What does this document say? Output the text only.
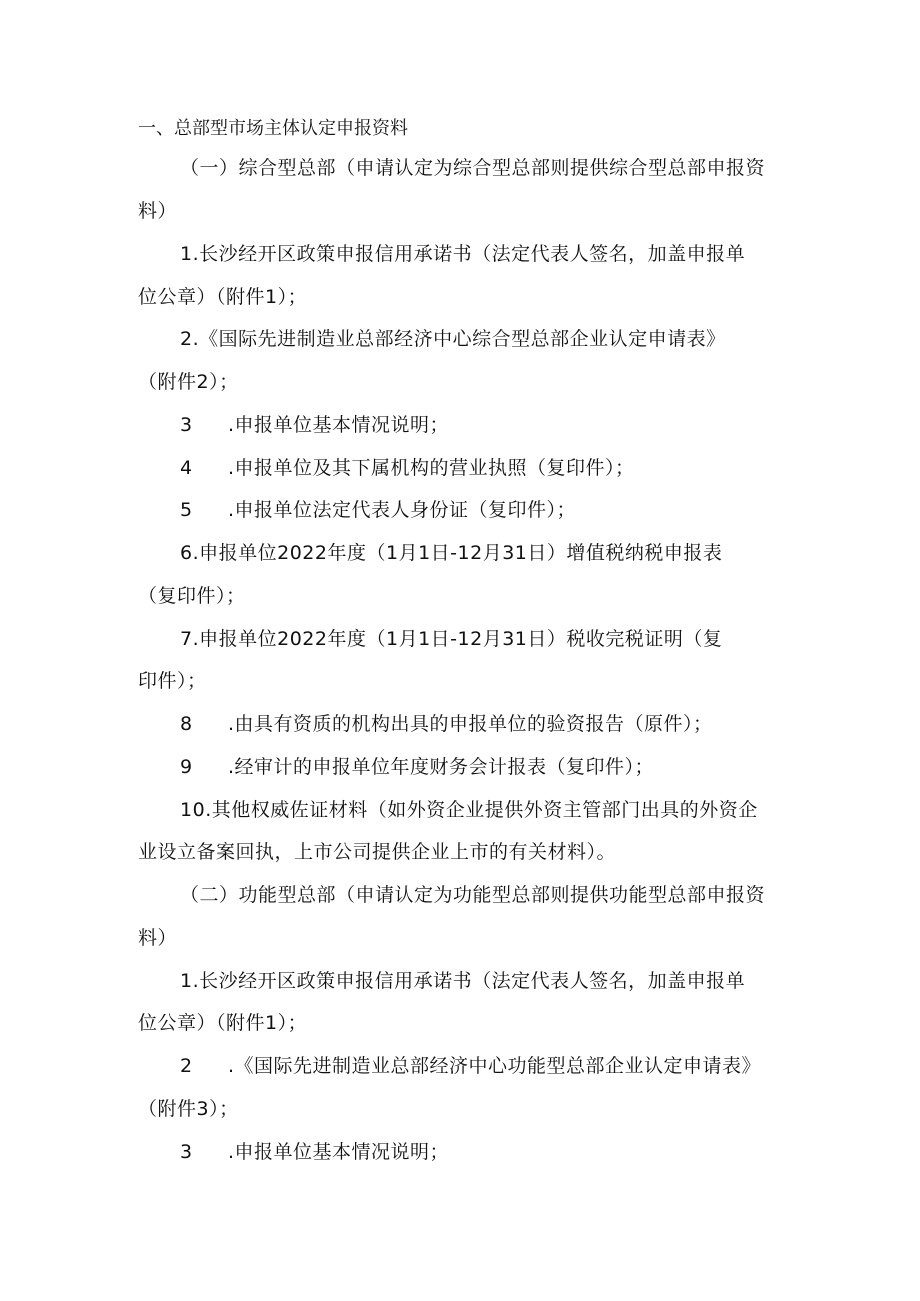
一、总部型市场主体认定申报资料
（一）综合型总部（申请认定为综合型总部则提供综合型总部申报资
料）
1.长沙经开区政策申报信用承诺书（法定代表人签名，加盖申报单
位公章）（附件1）；
2.《国际先进制造业总部经济中心综合型总部企业认定申请表》
（附件2）；
3 .申报单位基本情况说明；
4 .申报单位及其下属机构的营业执照（复印件）；
5 .申报单位法定代表人身份证（复印件）；
6.申报单位2022年度（1月1日-12月31日）增值税纳税申报表
（复印件）；
7.申报单位2022年度（1月1日-12月31日）税收完税证明（复
印件）；
8 .由具有资质的机构出具的申报单位的验资报告（原件）；
9 .经审计的申报单位年度财务会计报表（复印件）；
10.其他权威佐证材料（如外资企业提供外资主管部门出具的外资企
业设立备案回执，上市公司提供企业上市的有关材料）。
（二）功能型总部（申请认定为功能型总部则提供功能型总部申报资
料）
1.长沙经开区政策申报信用承诺书（法定代表人签名，加盖申报单
位公章）（附件1）；
2 .《国际先进制造业总部经济中心功能型总部企业认定申请表》
（附件3）；
3 .申报单位基本情况说明；
